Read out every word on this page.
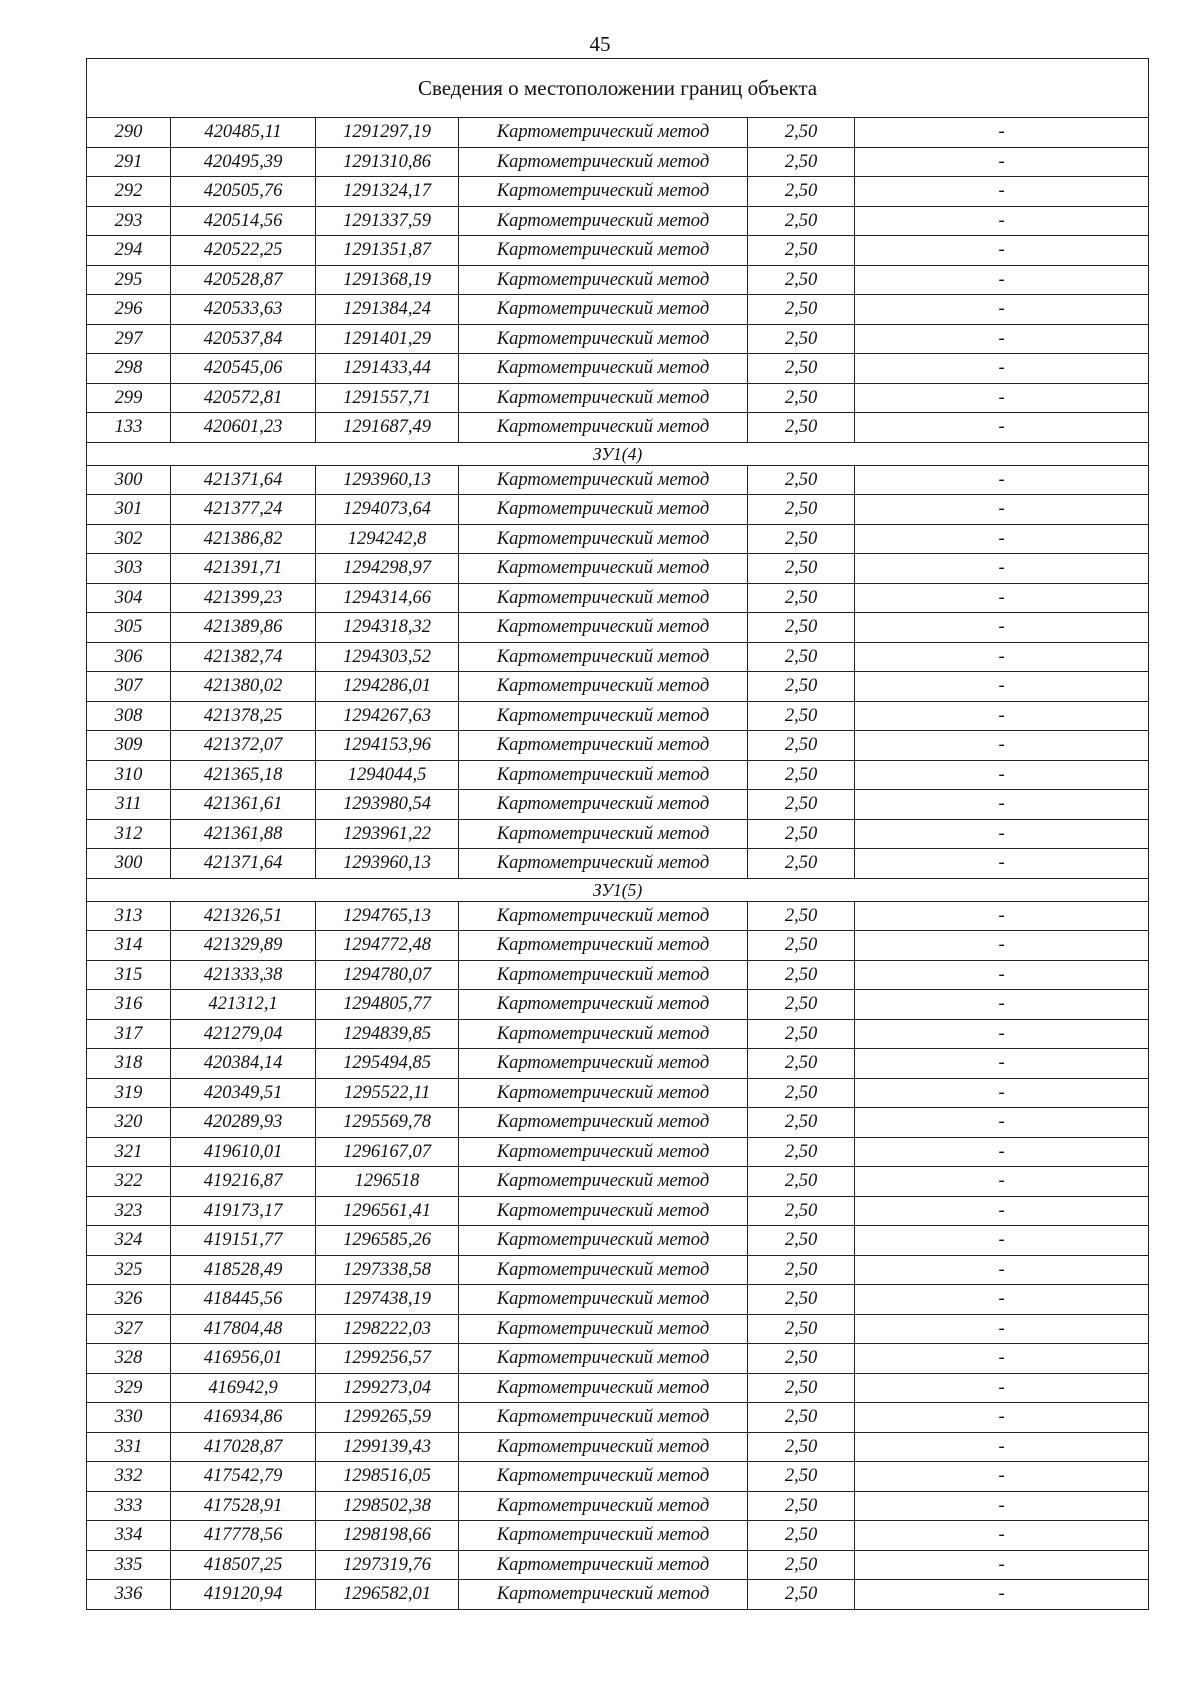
45
Сведения о местоположении границ объекта					
290	420485,11	1291297,19	Картометрический метод	2,50	-
291	420495,39	1291310,86	Картометрический метод	2,50	-
292	420505,76	1291324,17	Картометрический метод	2,50	-
293	420514,56	1291337,59	Картометрический метод	2,50	-
294	420522,25	1291351,87	Картометрический метод	2,50	-
295	420528,87	1291368,19	Картометрический метод	2,50	-
296	420533,63	1291384,24	Картометрический метод	2,50	-
297	420537,84	1291401,29	Картометрический метод	2,50	-
298	420545,06	1291433,44	Картометрический метод	2,50	-
299	420572,81	1291557,71	Картометрический метод	2,50	-
133	420601,23	1291687,49	Картометрический метод	2,50	-
ЗУ1(4)					
300	421371,64	1293960,13	Картометрический метод	2,50	-
301	421377,24	1294073,64	Картометрический метод	2,50	-
302	421386,82	1294242,8	Картометрический метод	2,50	-
303	421391,71	1294298,97	Картометрический метод	2,50	-
304	421399,23	1294314,66	Картометрический метод	2,50	-
305	421389,86	1294318,32	Картометрический метод	2,50	-
306	421382,74	1294303,52	Картометрический метод	2,50	-
307	421380,02	1294286,01	Картометрический метод	2,50	-
308	421378,25	1294267,63	Картометрический метод	2,50	-
309	421372,07	1294153,96	Картометрический метод	2,50	-
310	421365,18	1294044,5	Картометрический метод	2,50	-
311	421361,61	1293980,54	Картометрический метод	2,50	-
312	421361,88	1293961,22	Картометрический метод	2,50	-
300	421371,64	1293960,13	Картометрический метод	2,50	-
ЗУ1(5)					
313	421326,51	1294765,13	Картометрический метод	2,50	-
314	421329,89	1294772,48	Картометрический метод	2,50	-
315	421333,38	1294780,07	Картометрический метод	2,50	-
316	421312,1	1294805,77	Картометрический метод	2,50	-
317	421279,04	1294839,85	Картометрический метод	2,50	-
318	420384,14	1295494,85	Картометрический метод	2,50	-
319	420349,51	1295522,11	Картометрический метод	2,50	-
320	420289,93	1295569,78	Картометрический метод	2,50	-
321	419610,01	1296167,07	Картометрический метод	2,50	-
322	419216,87	1296518	Картометрический метод	2,50	-
323	419173,17	1296561,41	Картометрический метод	2,50	-
324	419151,77	1296585,26	Картометрический метод	2,50	-
325	418528,49	1297338,58	Картометрический метод	2,50	-
326	418445,56	1297438,19	Картометрический метод	2,50	-
327	417804,48	1298222,03	Картометрический метод	2,50	-
328	416956,01	1299256,57	Картометрический метод	2,50	-
329	416942,9	1299273,04	Картометрический метод	2,50	-
330	416934,86	1299265,59	Картометрический метод	2,50	-
331	417028,87	1299139,43	Картометрический метод	2,50	-
332	417542,79	1298516,05	Картометрический метод	2,50	-
333	417528,91	1298502,38	Картометрический метод	2,50	-
334	417778,56	1298198,66	Картометрический метод	2,50	-
335	418507,25	1297319,76	Картометрический метод	2,50	-
336	419120,94	1296582,01	Картометрический метод	2,50	-
